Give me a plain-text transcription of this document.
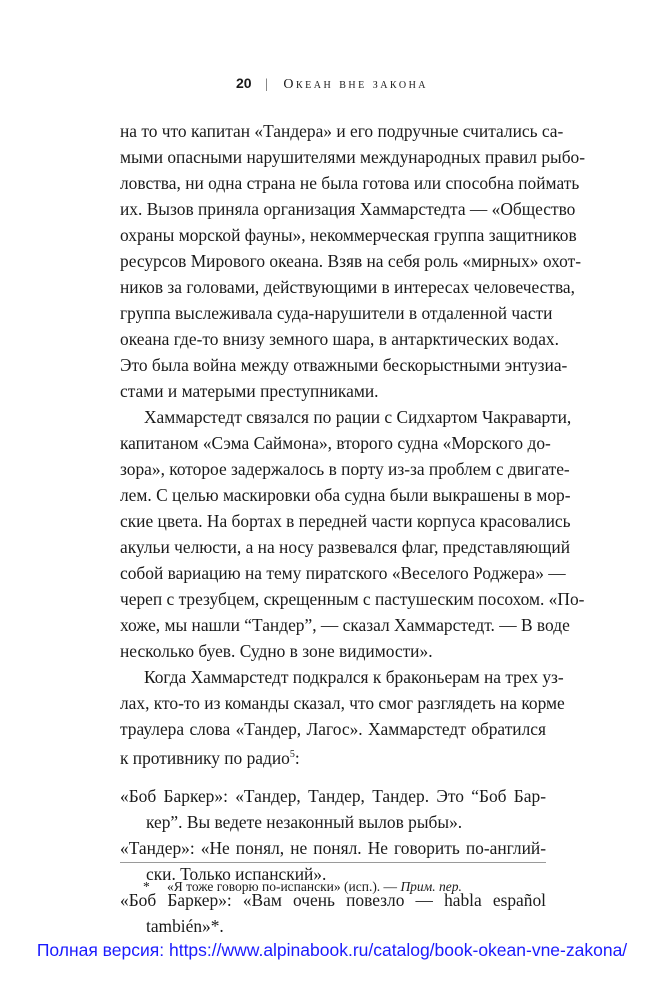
20 | Океан вне закона
на то что капитан «Тандера» и его подручные считались са-
мыми опасными нарушителями международных правил рыбо-
ловства, ни одна страна не была готова или способна поймать
их. Вызов приняла организация Хаммарстедта — «Общество
охраны морской фауны», некоммерческая группа защитников
ресурсов Мирового океана. Взяв на себя роль «мирных» охот-
ников за головами, действующими в интересах человечества,
группа выслеживала суда-нарушители в отдаленной части
океана где-то внизу земного шара, в антарктических водах.
Это была война между отважными бескорыстными энтузиа-
стами и матерыми преступниками.
Хаммарстедт связался по рации с Сидхартом Чакраварти,
капитаном «Сэма Саймона», второго судна «Морского до-
зора», которое задержалось в порту из-за проблем с двигате-
лем. С целью маскировки оба судна были выкрашены в мор-
ские цвета. На бортах в передней части корпуса красовались
акульи челюсти, а на носу развевался флаг, представляющий
собой вариацию на тему пиратского «Веселого Роджера» —
череп с трезубцем, скрещенным с пастушеским посохом. «По-
хоже, мы нашли “Тандер”, — сказал Хаммарстедт. — В воде
несколько буев. Судно в зоне видимости».
Когда Хаммарстедт подкрался к браконьерам на трех уз-
лах, кто-то из команды сказал, что смог разглядеть на корме
траулера слова «Тандер, Лагос». Хаммарстедт обратился
к противнику по радио$^5$:
«Боб Баркер»: «Тандер, Тандер, Тандер. Это “Боб Бар-
кер”. Вы ведете незаконный вылов рыбы».
«Тандер»: «Не понял, не понял. Не говорить по-англий-
ски. Только испанский».
«Боб Баркер»: «Вам очень повезло — habla español
también»*.
* «Я тоже говорю по-испански» (исп.). — Прим. пер.
Полная версия: https://www.alpinabook.ru/catalog/book-okean-vne-zakona/
